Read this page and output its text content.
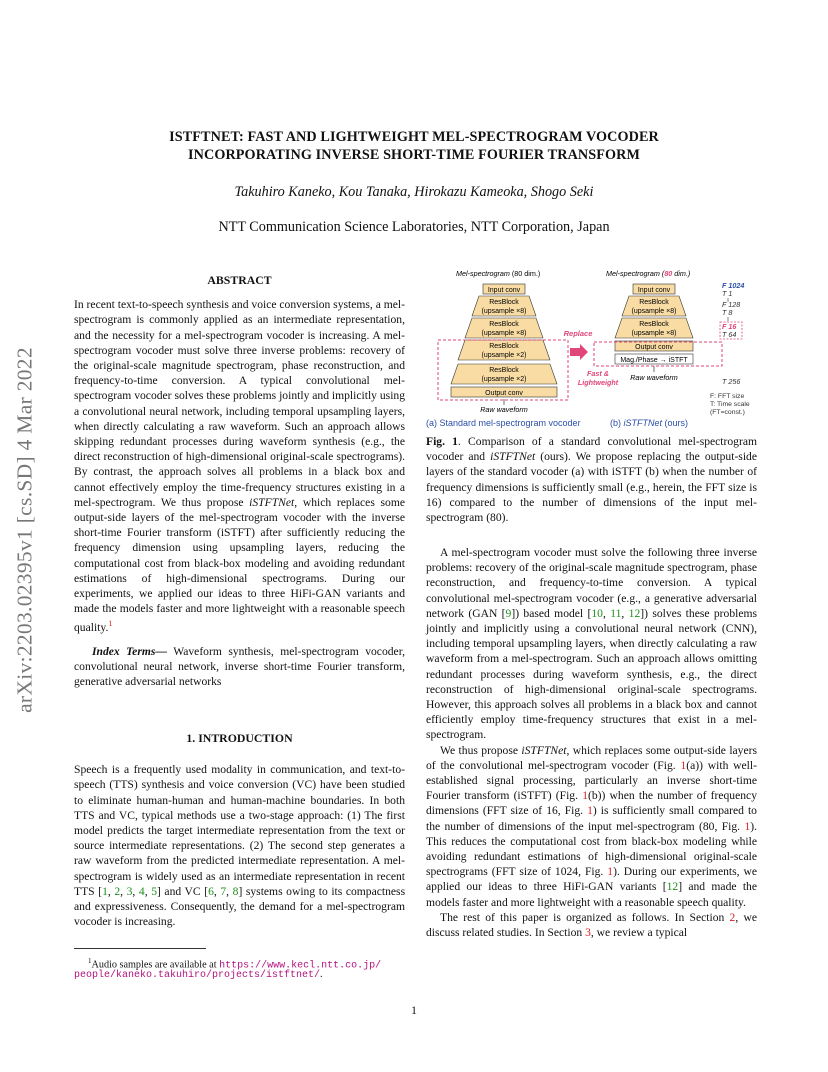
ISTFTNET: FAST AND LIGHTWEIGHT MEL-SPECTROGRAM VOCODER
INCORPORATING INVERSE SHORT-TIME FOURIER TRANSFORM
Takuhiro Kaneko, Kou Tanaka, Hirokazu Kameoka, Shogo Seki
NTT Communication Science Laboratories, NTT Corporation, Japan
arXiv:2203.02395v1 [cs.SD] 4 Mar 2022
ABSTRACT

In recent text-to-speech synthesis and voice conversion systems, a mel-spectrogram is commonly applied as an intermediate representation, and the necessity for a mel-spectrogram vocoder is increasing. A mel-spectrogram vocoder must solve three inverse problems: recovery of the original-scale magnitude spectrogram, phase reconstruction, and frequency-to-time conversion. A typical convolutional mel-spectrogram vocoder solves these problems jointly and implicitly using a convolutional neural network, including temporal upsampling layers, when directly calculating a raw waveform. Such an approach allows skipping redundant processes during waveform synthesis (e.g., the direct reconstruction of high-dimensional original-scale spectrograms). By contrast, the approach solves all problems in a black box and cannot effectively employ the time-frequency structures existing in a mel-spectrogram. We thus propose iSTFTNet, which replaces some output-side layers of the mel-spectrogram vocoder with the inverse short-time Fourier transform (iSTFT) after sufficiently reducing the frequency dimension using upsampling layers, reducing the computational cost from black-box modeling and avoiding redundant estimations of high-dimensional spectrograms. During our experiments, we applied our ideas to three HiFi-GAN variants and made the models faster and more lightweight with a reasonable speech quality.$^1$

Index Terms— Waveform synthesis, mel-spectrogram vocoder, convolutional neural network, inverse short-time Fourier transform, generative adversarial networks

1. INTRODUCTION

Speech is a frequently used modality in communication, and text-to-speech (TTS) synthesis and voice conversion (VC) have been studied to eliminate human-human and human-machine boundaries. In both TTS and VC, typical methods use a two-stage approach: (1) The first model predicts the target intermediate representation from the text or source intermediate representations. (2) The second step generates a raw waveform from the predicted intermediate representation. A mel-spectrogram is widely used as an intermediate representation in recent TTS [1, 2, 3, 4, 5] and VC [6, 7, 8] systems owing to its compactness and expressiveness. Consequently, the demand for a mel-spectrogram vocoder is increasing.

$^1$Audio samples are available at https://www.kecl.ntt.co.jp/
people/kaneko.takuhiro/projects/istftnet/.
Mel-spectrogram (80 dim.)
Input conv
ResBlock
(upsample ×8)
ResBlock
(upsample ×8)
ResBlock
(upsample ×2)
ResBlock
(upsample ×2)
Output conv
Raw waveform
Replace
Fast &
Lightweight
Mel-spectrogram (80 dim.)
Input conv
ResBlock
(upsample ×8)
ResBlock
(upsample ×8)
Output conv
Mag./Phase → iSTFT
Raw waveform
F 1024
T 1
F 128
T 8
F 16
T 64
T 256
F: FFT size
T: Time scale
(FT=const.)
(a) Standard mel-spectrogram vocoder	(b) iSTFTNet (ours)
Fig. 1. Comparison of a standard convolutional mel-spectrogram vocoder and iSTFTNet (ours). We propose replacing the output-side layers of the standard vocoder (a) with iSTFT (b) when the number of frequency dimensions is sufficiently small (e.g., herein, the FFT size is 16) compared to the number of dimensions of the input mel-spectrogram (80).

A mel-spectrogram vocoder must solve the following three inverse problems: recovery of the original-scale magnitude spectrogram, phase reconstruction, and frequency-to-time conversion. A typical convolutional mel-spectrogram vocoder (e.g., a generative adversarial network (GAN [9]) based model [10, 11, 12]) solves these problems jointly and implicitly using a convolutional neural network (CNN), including temporal upsampling layers, when directly calculating a raw waveform from a mel-spectrogram. Such an approach allows omitting redundant processes during waveform synthesis, e.g., the direct reconstruction of high-dimensional original-scale spectrograms. However, this approach solves all problems in a black box and cannot efficiently employ time-frequency structures that exist in a mel-spectrogram.

We thus propose iSTFTNet, which replaces some output-side layers of the convolutional mel-spectrogram vocoder (Fig. 1(a)) with well-established signal processing, particularly an inverse short-time Fourier transform (iSTFT) (Fig. 1(b)) when the number of frequency dimensions (FFT size of 16, Fig. 1) is sufficiently small compared to the number of dimensions of the input mel-spectrogram (80, Fig. 1). This reduces the computational cost from black-box modeling while avoiding redundant estimations of high-dimensional original-scale spectrograms (FFT size of 1024, Fig. 1). During our experiments, we applied our ideas to three HiFi-GAN variants [12] and made the models faster and more lightweight with a reasonable speech quality.

The rest of this paper is organized as follows. In Section 2, we discuss related studies. In Section 3, we review a typical

1
